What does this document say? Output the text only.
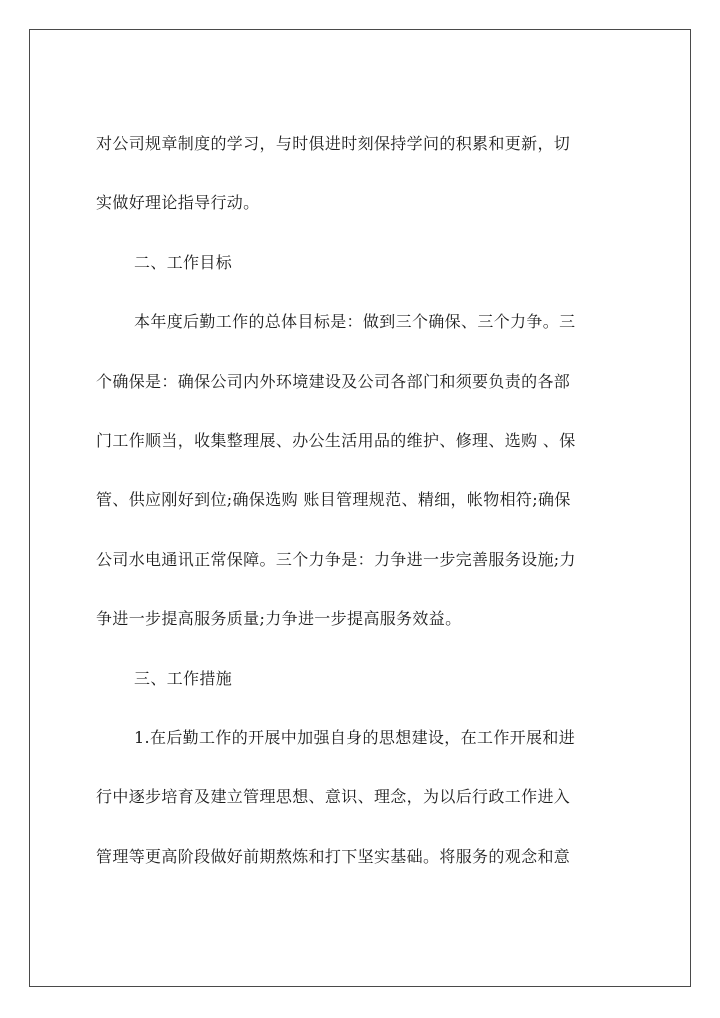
对公司规章制度的学习，与时俱进时刻保持学问的积累和更新，切
实做好理论指导行动。
二、工作目标
本年度后勤工作的总体目标是：做到三个确保、三个力争。三
个确保是：确保公司内外环境建设及公司各部门和须要负责的各部
门工作顺当，收集整理展、办公生活用品的维护、修理、选购 、保
管、供应刚好到位;确保选购 账目管理规范、精细，帐物相符;确保
公司水电通讯正常保障。三个力争是：力争进一步完善服务设施;力
争进一步提高服务质量;力争进一步提高服务效益。
三、工作措施
1.在后勤工作的开展中加强自身的思想建设，在工作开展和进
行中逐步培育及建立管理思想、意识、理念，为以后行政工作进入
管理等更高阶段做好前期熬炼和打下坚实基础。将服务的观念和意
